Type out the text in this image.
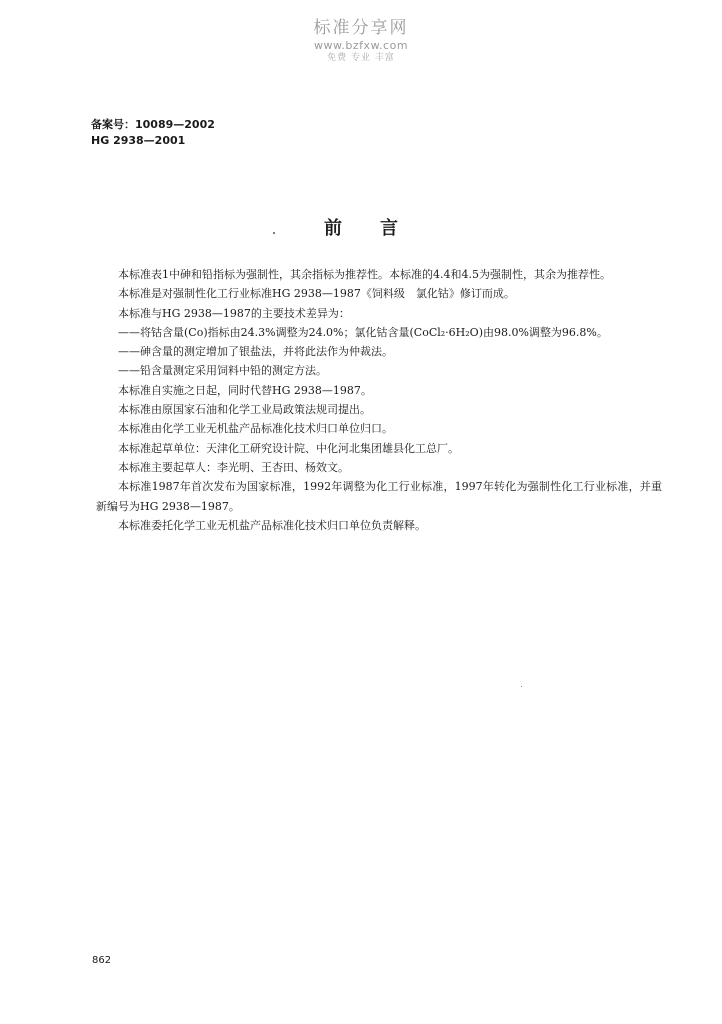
标准分享网
www.bzfxw.com
免费 专业 丰富
备案号：10089—2002
HG 2938—2001
前言

本标准表1中砷和铅指标为强制性，其余指标为推荐性。本标准的4.4和4.5为强制性，其余为推荐性。

本标准是对强制性化工行业标准HG 2938—1987《饲料级　氯化钴》修订而成。

本标准与HG 2938—1987的主要技术差异为：

——将钴含量(Co)指标由24.3%调整为24.0%；氯化钴含量(CoCl₂·6H₂O)由98.0%调整为96.8%。

——砷含量的测定增加了银盐法，并将此法作为仲裁法。

——铅含量测定采用饲料中铅的测定方法。

本标准自实施之日起，同时代替HG 2938—1987。

本标准由原国家石油和化学工业局政策法规司提出。

本标准由化学工业无机盐产品标准化技术归口单位归口。

本标准起草单位：天津化工研究设计院、中化河北集团雄县化工总厂。

本标准主要起草人：李光明、王杏田、杨效文。

本标准1987年首次发布为国家标准，1992年调整为化工行业标准，1997年转化为强制性化工行业标准，并重新编号为HG 2938—1987。

本标准委托化学工业无机盐产品标准化技术归口单位负责解释。

862
